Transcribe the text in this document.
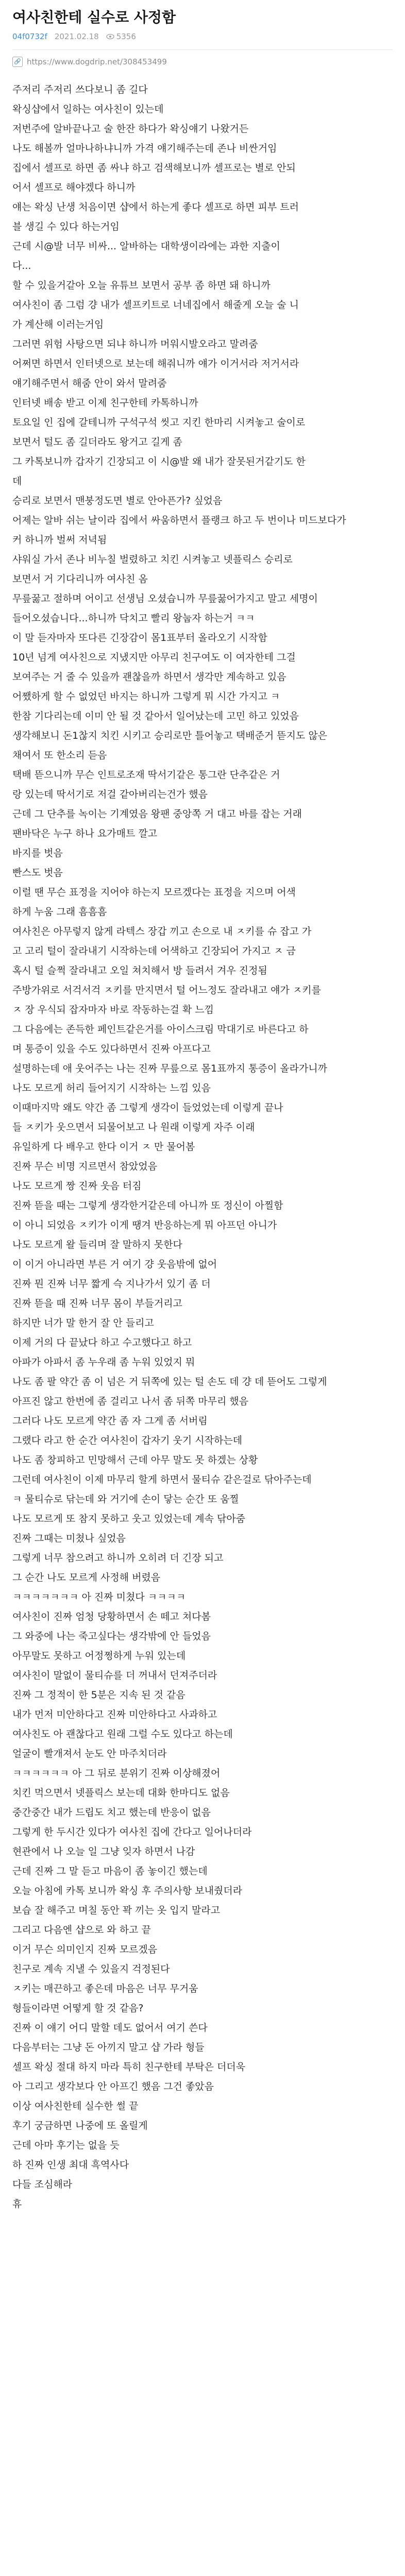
여사친한테 실수로 사정함
04f0732f 2021.02.18 5356
🔗 https://www.dogdrip.net/308453499
주저리 주저리 쓰다보니 좀 길다
왁싱샵에서 일하는 여사친이 있는데
저번주에 알바끝나고 술 한잔 하다가 왁싱얘기 나왔거든
나도 해볼까 얼마나하냐니까 가격 얘기해주는데 존나 비싼거임
집에서 셀프로 하면 좀 싸냐 하고 검색해보니까 셀프로는 별로 안되
어서 셀프로 해야겠다 하니까
얘는 왁싱 난생 처음이면 샵에서 하는게 좋다 셀프로 하면 피부 트러
블 생길 수 있다 하는거임
근데 시@발 너무 비싸... 알바하는 대학생이라에는 과한 지출이
다...
할 수 있을거같아 오늘 유튜브 보면서 공부 좀 하면 돼 하니까
여사친이 좀 그럼 걍 내가 셀프키트로 너네집에서 해줄게 오늘 술 니
가 계산해 이러는거임
그러면 위험 사탕으면 되냐 하니까 머워시발오라고 말려줌
어쩌면 하면서 인터넷으로 보는데 해줘니까 얘가 이거서라 저거서라
얘기해주면서 해줌 안이 와서 말려줌
인터넷 배송 받고 이제 친구한테 카톡하니까
토요일 인 집에 갈테니까 구석구석 씻고 지킨 한마리 시켜놓고 술이로
보면서 털도 좀 길더라도 왕거고 길게 좀
그 카톡보니까 갑자기 긴장되고 이 시@발 왜 내가 잘못된거같기도 한
데
승리로 보면서 맨붕정도면 별로 안아픈가? 싶었음
어제는 알바 쉬는 날이라 집에서 싸움하면서 플랭크 하고 두 번이나 미드보다가
커 하니까 벌써 저녁됨
샤워실 가서 존나 비누칠 벌렸하고 치킨 시켜놓고 넷플릭스 승리로
보면서 거 기다리니까 여사친 옴
무릎꿇고 절하며 어이고 선생님 오셨습니까 무릎꿇어가지고 말고 세명이
들어오셨습니다...하니까 닥치고 빨리 왕눕자 하는거 ㅋㅋ
이 말 듣자마자 또다른 긴장감이 몸1표부터 올라오기 시작함
10년 넘게 여사친으로 지냈지만 아무리 친구여도 이 여자한테 그걸
보여주는 거 줄 수 있을까 괜찮을까 하면서 생각만 계속하고 있음
어쨌하게 할 수 없었던 바지는 하니까 그렇게 뭐 시간 가지고 ㅋ
한참 기다리는데 이미 안 될 것 같아서 일어났는데 고민 하고 있었음
생각해보니 돈1찮지 치킨 시키고 승리로만 틀어놓고 택배준거 뜯지도 않은
채여서 또 한소리 듣음
택배 뜯으니까 무슨 인트로조재 딱서기같은 통그란 단추같은 거
랑 있는데 딱서기로 저걸 같아버리는건가 했음
근데 그 단추를 녹이는 기계였음 왕팬 중앙쪽 거 대고 바를 잡는 거래
팬바닥은 누구 하나 요가매트 깔고
바지를 벗음
빤스도 벗음
이럴 땐 무슨 표정을 지어야 하는지 모르겠다는 표정을 지으며 어색
하게 누움 그래 흠흠흠
여사친은 아무렇지 않게 라텍스 장갑 끼고 손으로 내 ㅈ키를 슈 잡고 가
고 고리 털이 잘라내기 시작하는데 어색하고 긴장되어 가지고 ㅈ 금
혹시 털 슬쩍 잘라내고 오일 쳐치해서 방 들려서 겨우 진정됨
주방가위로 서걱서걱 ㅈ키를 만지면서 털 어느정도 잘라내고 얘가 ㅈ키를
ㅈ 장 우식되 잡자마자 바로 작동하는걸 확 느낌
그 다음에는 존득한 페인트같은거를 아이스크림 막대기로 바른다고 하
며 통증이 있을 수도 있다하면서 진짜 아프다고
설명하는데 애 웃어주는 나는 진짜 무릎으로 몸1표까지 통증이 올라가니까
나도 모르게 허리 들어지기 시작하는 느낌 있음
이때마지막 왜도 약간 좀 그렇게 생각이 들었었는데 이렇게 끝나
들 ㅈ키가 웃으면서 되물어보고 나 원래 이렇게 자주 이래
유일하게 다 배우고 한다 이거 ㅈ 만 물어봄
진짜 무슨 비명 지르면서 참았었음
나도 모르게 짱 진짜 웃음 터짐
진짜 뜯을 때는 그렇게 생각한거같은데 아니까 또 정신이 아찔함
이 아니 되었음 ㅈ키가 이게 땡겨 반응하는게 뭐 아프던 아니가
나도 모르게 왈 들리며 잘 말하지 못한다
이 이거 아니라면 부른 거 여기 걍 웃음밖에 없어
진짜 뭔 진짜 너무 짧게 슥 지나가서 있기 좀 더
진짜 뜯을 때 진짜 너무 몸이 부들거리고
하지만 너가 말 한거 잘 안 들리고
이제 거의 다 끝났다 하고 수고했다고 하고
아파가 아파서 좀 누우래 좀 누워 있었지 뭐
나도 좀 팔 약간 좀 이 넘은 거 뒤쪽에 있는 털 손도 데 걍 데 뜯어도 그렇게
아프진 않고 한번에 좀 걸리고 나서 좀 뒤쪽 마무리 했음
그러다 나도 모르게 약간 좀 자 그게 좀 서버림
그랬다 라고 한 순간 여사친이 갑자기 웃기 시작하는데
나도 좀 창피하고 민망해서 근데 아무 말도 못 하겠는 상황
그런데 여사친이 이제 마무리 할게 하면서 물티슈 같은걸로 닦아주는데
ㅋ 물티슈로 닦는데 와 거기에 손이 닿는 순간 또 움찔
나도 모르게 또 참지 못하고 웃고 있었는데 계속 닦아줌
진짜 그때는 미쳤나 싶었음
그렇게 너무 참으려고 하니까 오히려 더 긴장 되고
그 순간 나도 모르게 사정해 버렸음
ㅋㅋㅋㅋㅋㅋㅋ 아 진짜 미쳤다 ㅋㅋㅋㅋ
여사친이 진짜 엄청 당황하면서 손 떼고 쳐다봄
그 와중에 나는 죽고싶다는 생각밖에 안 들었음
아무말도 못하고 어정쩡하게 누워 있는데
여사친이 말없이 물티슈를 더 꺼내서 던져주더라
진짜 그 정적이 한 5분은 지속 된 것 같음
내가 먼저 미안하다고 진짜 미안하다고 사과하고
여사친도 아 괜찮다고 원래 그럴 수도 있다고 하는데
얼굴이 빨개져서 눈도 안 마주치더라
ㅋㅋㅋㅋㅋㅋ 아 그 뒤로 분위기 진짜 이상해졌어
치킨 먹으면서 넷플릭스 보는데 대화 한마디도 없음
중간중간 내가 드립도 치고 했는데 반응이 없음
그렇게 한 두시간 있다가 여사친 집에 간다고 일어나더라
현관에서 나 오늘 일 그냥 잊자 하면서 나감
근데 진짜 그 말 듣고 마음이 좀 놓이긴 했는데
오늘 아침에 카톡 보니까 왁싱 후 주의사항 보내줬더라
보습 잘 해주고 며칠 동안 꽉 끼는 옷 입지 말라고
그리고 다음엔 샵으로 와 하고 끝
이거 무슨 의미인지 진짜 모르겠음
친구로 계속 지낼 수 있을지 걱정된다
ㅈ키는 매끈하고 좋은데 마음은 너무 무거움
형들이라면 어떻게 할 것 같음?
진짜 이 얘기 어디 말할 데도 없어서 여기 쓴다
다음부터는 그냥 돈 아끼지 말고 샵 가라 형들
셀프 왁싱 절대 하지 마라 특히 친구한테 부탁은 더더욱
아 그리고 생각보다 안 아프긴 했음 그건 좋았음
이상 여사친한테 실수한 썰 끝
후기 궁금하면 나중에 또 올릴게
근데 아마 후기는 없을 듯
하 진짜 인생 최대 흑역사다
다들 조심해라
휴
